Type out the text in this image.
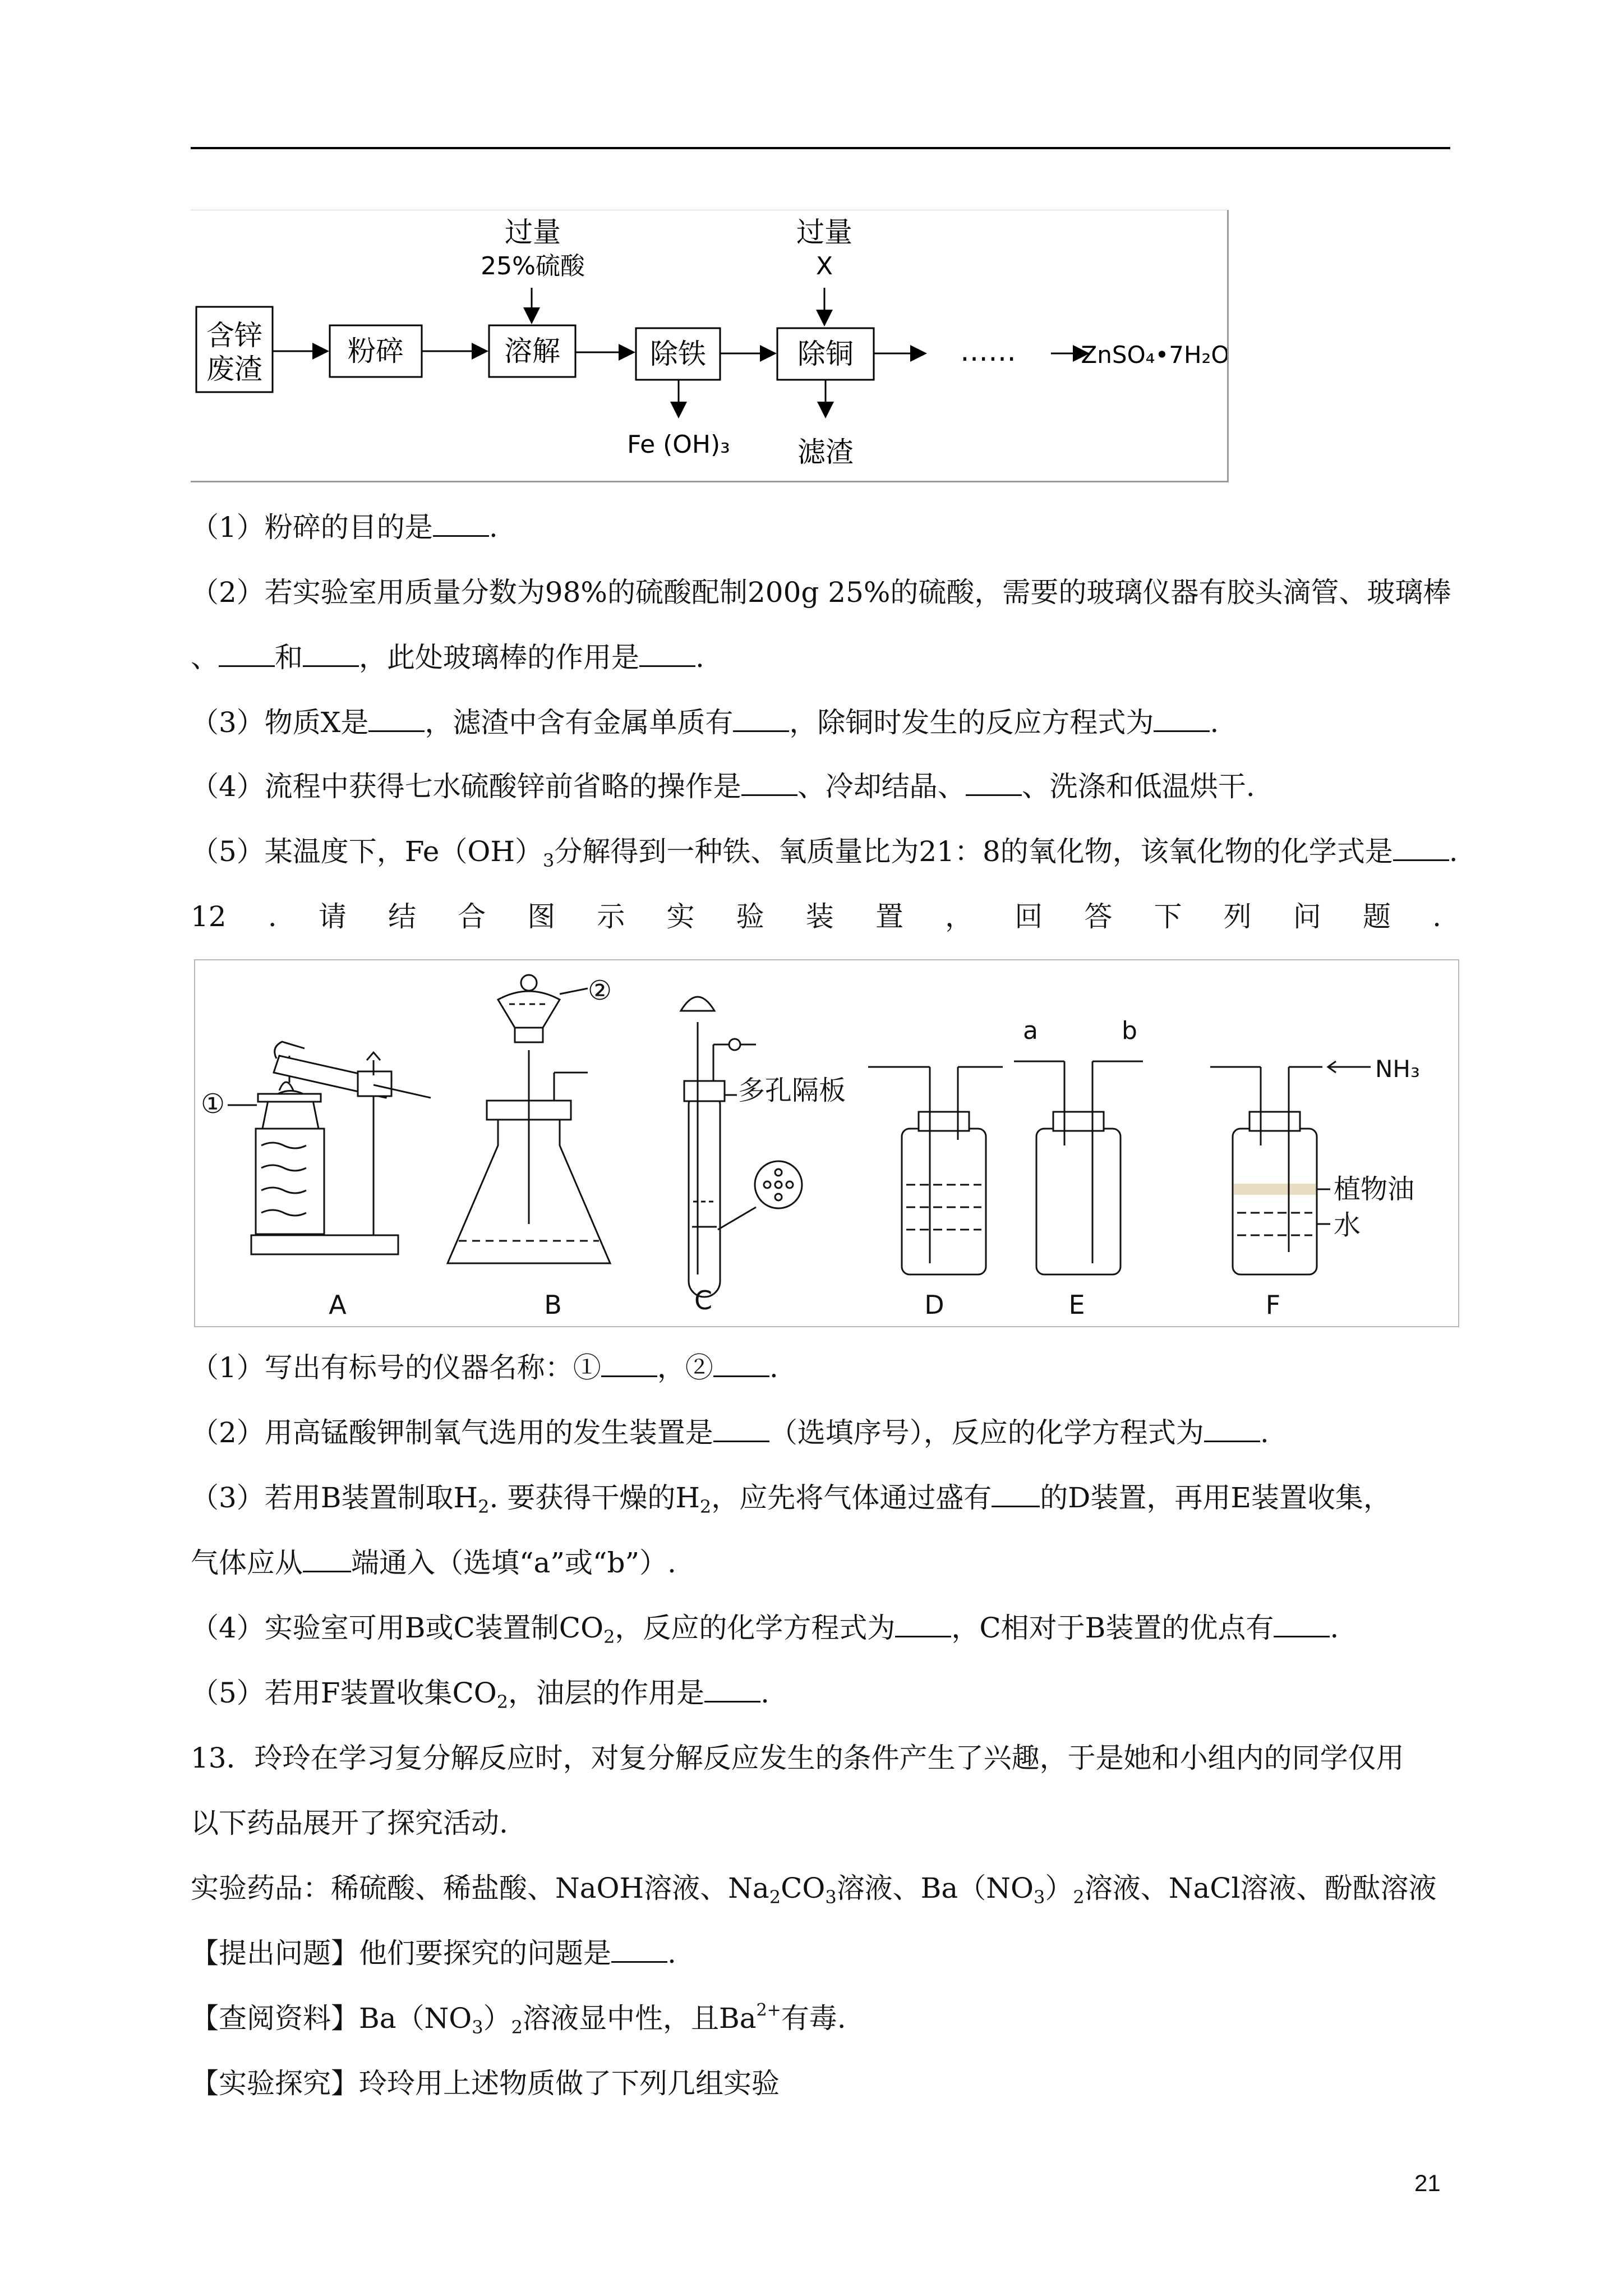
含锌
废渣
粉碎	溶解	除铁	除铜
过量
25%硫酸
过量
X
……	ZnSO₄•7H₂O
Fe (OH)₃ 滤渣
（1）粉碎的目的是 .
（2）若实验室用质量分数为98%的硫酸配制200g 25%的硫酸，需要的玻璃仪器有胶头滴管、玻璃棒
、 和 ，此处玻璃棒的作用是 .
（3）物质X是 ，滤渣中含有金属单质有 ，除铜时发生的反应方程式为 .
（4）流程中获得七水硫酸锌前省略的操作是 、冷却结晶、 、洗涤和低温烘干.
（5）某温度下，$Fe(OH)_3$分解得到一种铁、氧质量比为21：8的氧化物，该氧化物的化学式是 .
12 . 请 结 合 图 示 实 验 装 置 ， 回 答 下 列 问 题 .
①
②
多孔隔板
a	b
NH₃
植物油
水
A	B	C	D	E	F
（1）写出有标号的仪器名称：① ，② .
（2）用高锰酸钾制氧气选用的发生装置是 （选填序号），反应的化学方程式为 .
（3）若用B装置制取$H_2$. 要获得干燥的$H_2$，应先将气体通过盛有 的D装置，再用E装置收集，
气体应从 端通入（选填“a”或“b”）.
（4）实验室可用B或C装置制$CO_2$，反应的化学方程式为 ，C相对于B装置的优点有 .
（5）若用F装置收集$CO_2$，油层的作用是 .
13．玲玲在学习复分解反应时，对复分解反应发生的条件产生了兴趣，于是她和小组内的同学仅用
以下药品展开了探究活动.
实验药品：稀硫酸、稀盐酸、NaOH溶液、$Na_2CO_3$溶液、$Ba(NO_3)_2$溶液、NaCl溶液、酚酞溶液
【提出问题】他们要探究的问题是 .
【查阅资料】$Ba(NO_3)_2$溶液显中性，且$Ba^{2+}$有毒.
【实验探究】玲玲用上述物质做了下列几组实验
21
